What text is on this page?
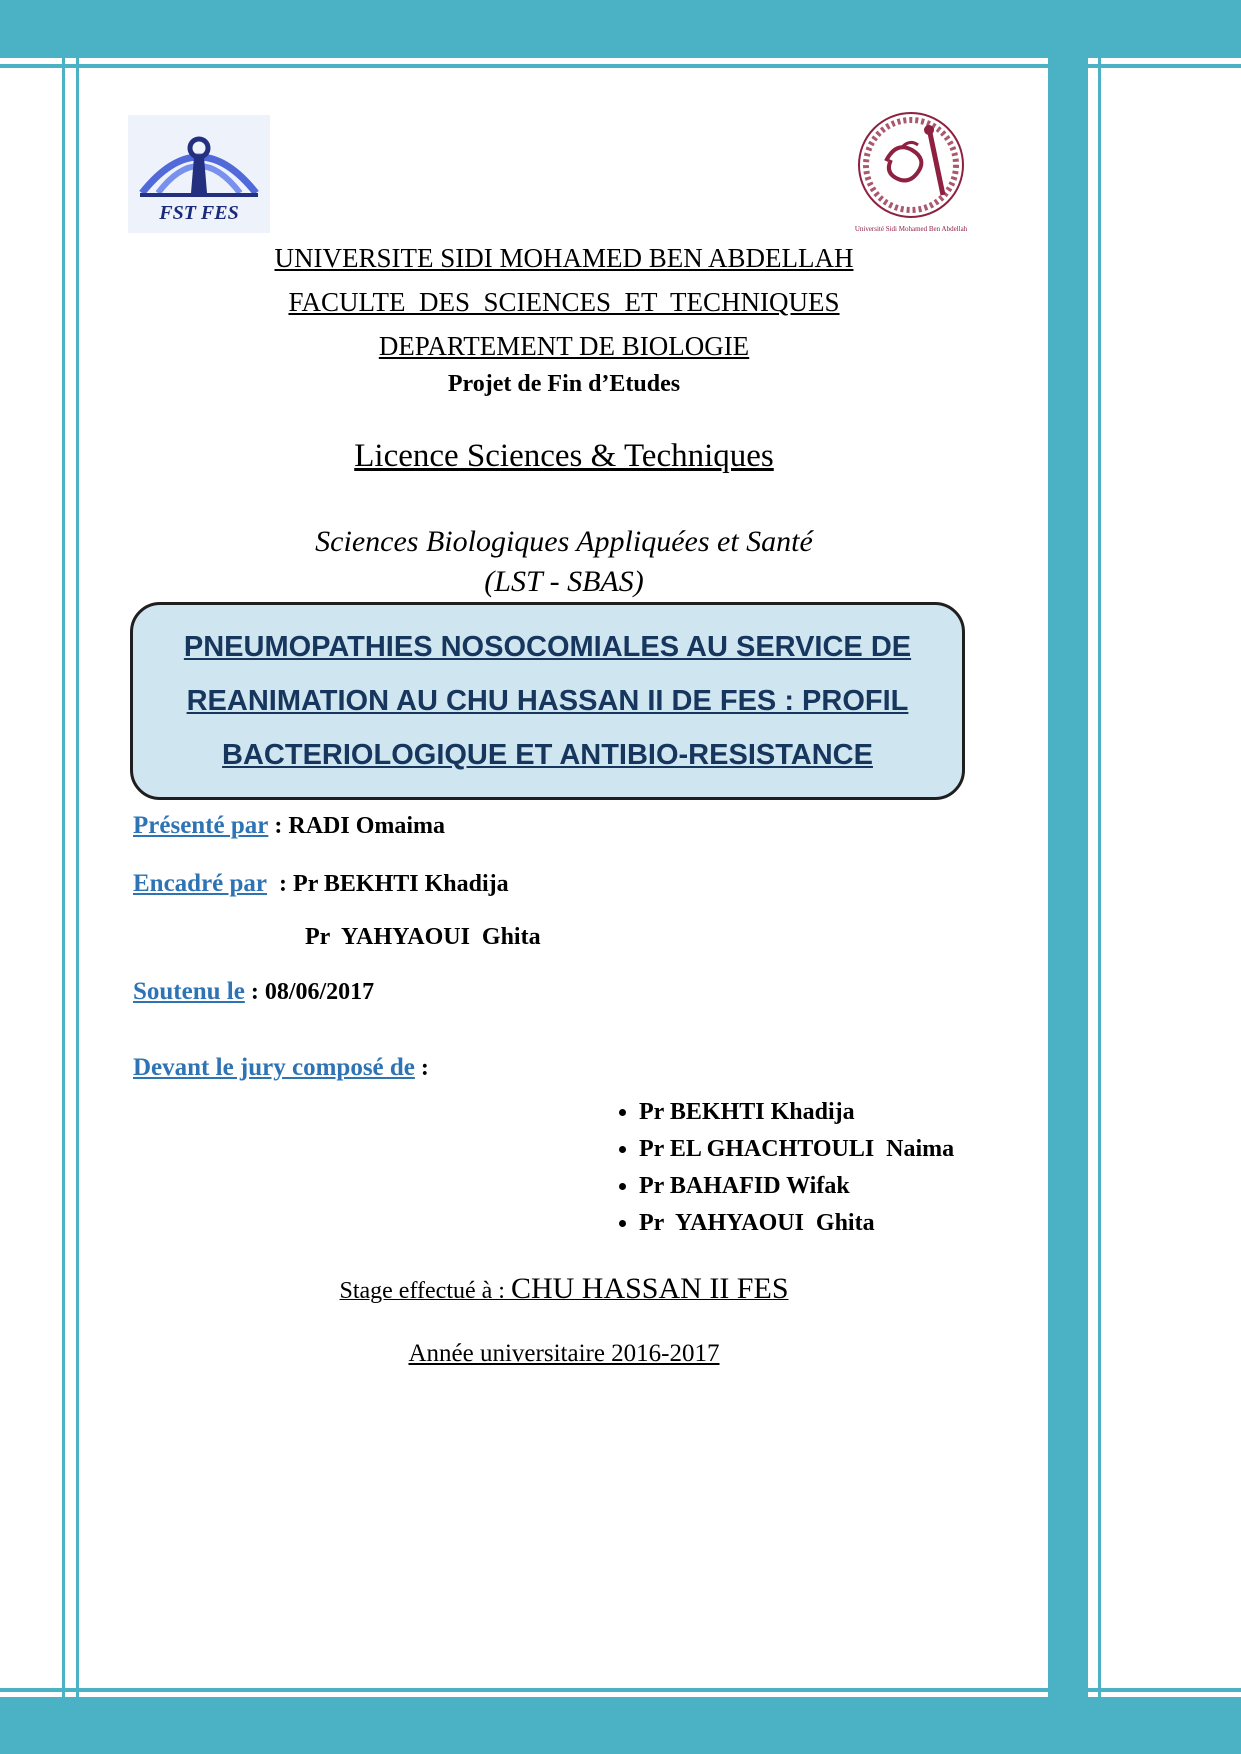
FST FES
Université Sidi Mohamed Ben Abdellah
UNIVERSITE SIDI MOHAMED BEN ABDELLAH
FACULTE  DES  SCIENCES  ET  TECHNIQUES
DEPARTEMENT DE BIOLOGIE
Projet de Fin d’Etudes
Licence Sciences & Techniques
Sciences Biologiques Appliquées et Santé
(LST - SBAS)
PNEUMOPATHIES NOSOCOMIALES AU SERVICE DE REANIMATION AU CHU HASSAN II DE FES : PROFIL BACTERIOLOGIQUE ET ANTIBIO-RESISTANCE
Présenté par : RADI Omaima
Encadré par  : Pr BEKHTI Khadija
Pr  YAHYAOUI  Ghita
Soutenu le : 08/06/2017
Devant le jury composé de :
• Pr BEKHTI Khadija
• Pr EL GHACHTOULI  Naima
• Pr BAHAFID Wifak
• Pr  YAHYAOUI  Ghita
Stage effectué à : CHU HASSAN II FES
Année universitaire 2016-2017
